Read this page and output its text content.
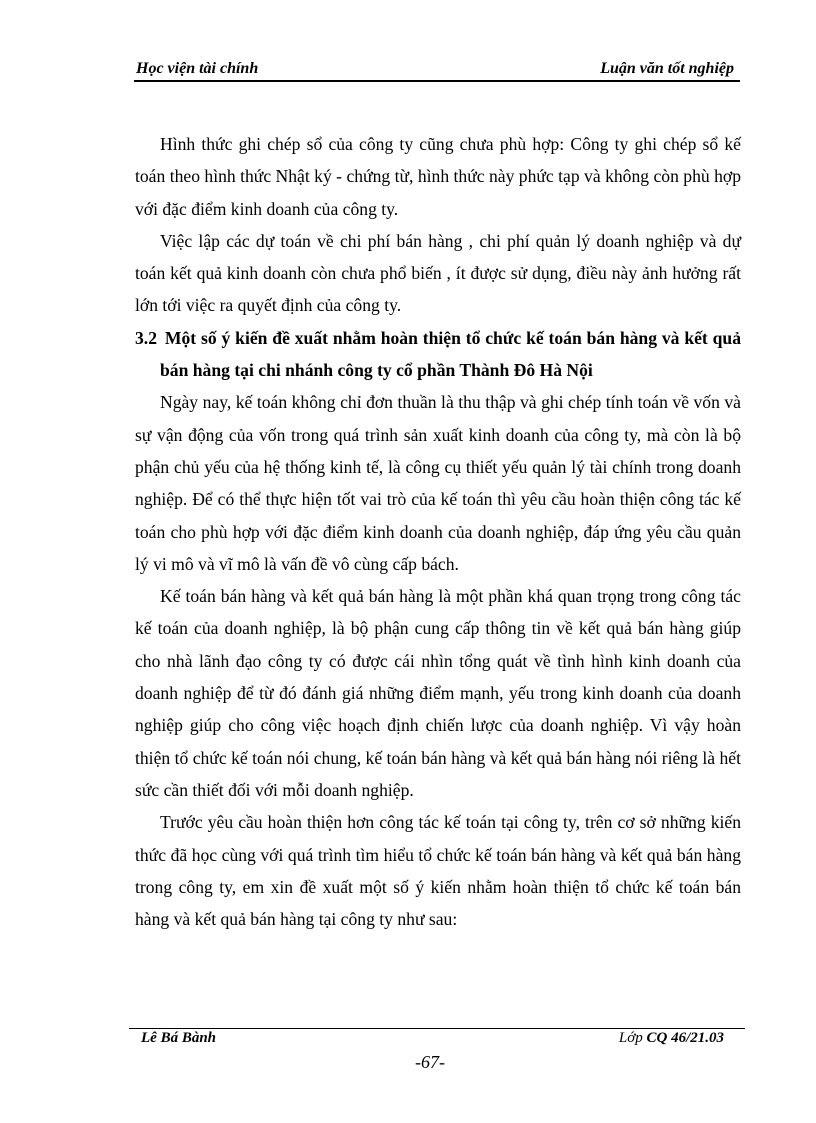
Học viện tài chính	Luận văn tốt nghiệp

Hình thức ghi chép sổ của công ty cũng chưa phù hợp: Công ty ghi chép sổ kế toán theo hình thức Nhật ký - chứng từ, hình thức này phức tạp và không còn phù hợp với đặc điểm kinh doanh của công ty.

Việc lập các dự toán về chi phí bán hàng , chi phí quản lý doanh nghiệp và dự toán kết quả kinh doanh còn chưa phổ biến , ít được sử dụng, điều này ảnh hưởng rất lớn tới việc ra quyết định của công ty.

3.2 Một số ý kiến đề xuất nhằm hoàn thiện tổ chức kế toán bán hàng và kết quả bán hàng tại chi nhánh công ty cổ phần Thành Đô Hà Nội

Ngày nay, kế toán không chỉ đơn thuần là thu thập và ghi chép tính toán về vốn và sự vận động của vốn trong quá trình sản xuất kinh doanh của công ty, mà còn là bộ phận chủ yếu của hệ thống kinh tế, là công cụ thiết yếu quản lý tài chính trong doanh nghiệp. Để có thể thực hiện tốt vai trò của kế toán thì yêu cầu hoàn thiện công tác kế toán cho phù hợp với đặc điểm kinh doanh của doanh nghiệp, đáp ứng yêu cầu quản lý vi mô và vĩ mô là vấn đề vô cùng cấp bách.

Kế toán bán hàng và kết quả bán hàng là một phần khá quan trọng trong công tác kế toán của doanh nghiệp, là bộ phận cung cấp thông tin về kết quả bán hàng giúp cho nhà lãnh đạo công ty có được cái nhìn tổng quát về tình hình kinh doanh của doanh nghiệp để từ đó đánh giá những điểm mạnh, yếu trong kinh doanh của doanh nghiệp giúp cho công việc hoạch định chiến lược của doanh nghiệp. Vì vậy hoàn thiện tổ chức kế toán nói chung, kế toán bán hàng và kết quả bán hàng nói riêng là hết sức cần thiết đối với mỗi doanh nghiệp.

Trước yêu cầu hoàn thiện hơn công tác kế toán tại công ty, trên cơ sở những kiến thức đã học cùng với quá trình tìm hiểu tổ chức kế toán bán hàng và kết quả bán hàng trong công ty, em xin đề xuất một số ý kiến nhằm hoàn thiện tổ chức kế toán bán hàng và kết quả bán hàng tại công ty như sau:

Lê Bá Bành	Lớp CQ 46/21.03
-67-
